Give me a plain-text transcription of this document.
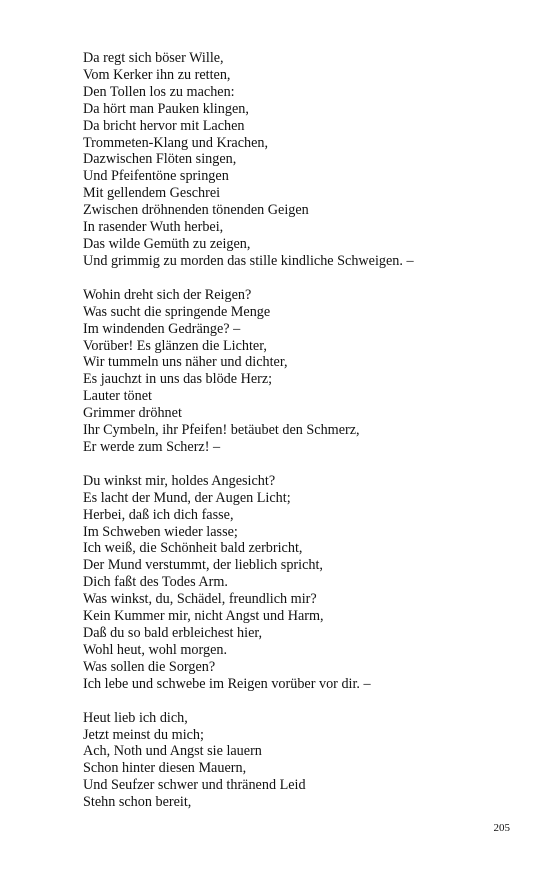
Da regt sich böser Wille,
Vom Kerker ihn zu retten,
Den Tollen los zu machen:
Da hört man Pauken klingen,
Da bricht hervor mit Lachen
Trommeten-Klang und Krachen,
Dazwischen Flöten singen,
Und Pfeifentöne springen
Mit gellendem Geschrei
Zwischen dröhnenden tönenden Geigen
In rasender Wuth herbei,
Das wilde Gemüth zu zeigen,
Und grimmig zu morden das stille kindliche Schweigen. –
Wohin dreht sich der Reigen?
Was sucht die springende Menge
Im windenden Gedränge? –
Vorüber! Es glänzen die Lichter,
Wir tummeln uns näher und dichter,
Es jauchzt in uns das blöde Herz;
Lauter tönet
Grimmer dröhnet
Ihr Cymbeln, ihr Pfeifen! betäubet den Schmerz,
Er werde zum Scherz! –
Du winkst mir, holdes Angesicht?
Es lacht der Mund, der Augen Licht;
Herbei, daß ich dich fasse,
Im Schweben wieder lasse;
Ich weiß, die Schönheit bald zerbricht,
Der Mund verstummt, der lieblich spricht,
Dich faßt des Todes Arm.
Was winkst, du, Schädel, freundlich mir?
Kein Kummer mir, nicht Angst und Harm,
Daß du so bald erbleichest hier,
Wohl heut, wohl morgen.
Was sollen die Sorgen?
Ich lebe und schwebe im Reigen vorüber vor dir. –
Heut lieb ich dich,
Jetzt meinst du mich;
Ach, Noth und Angst sie lauern
Schon hinter diesen Mauern,
Und Seufzer schwer und thränend Leid
Stehn schon bereit,
205
